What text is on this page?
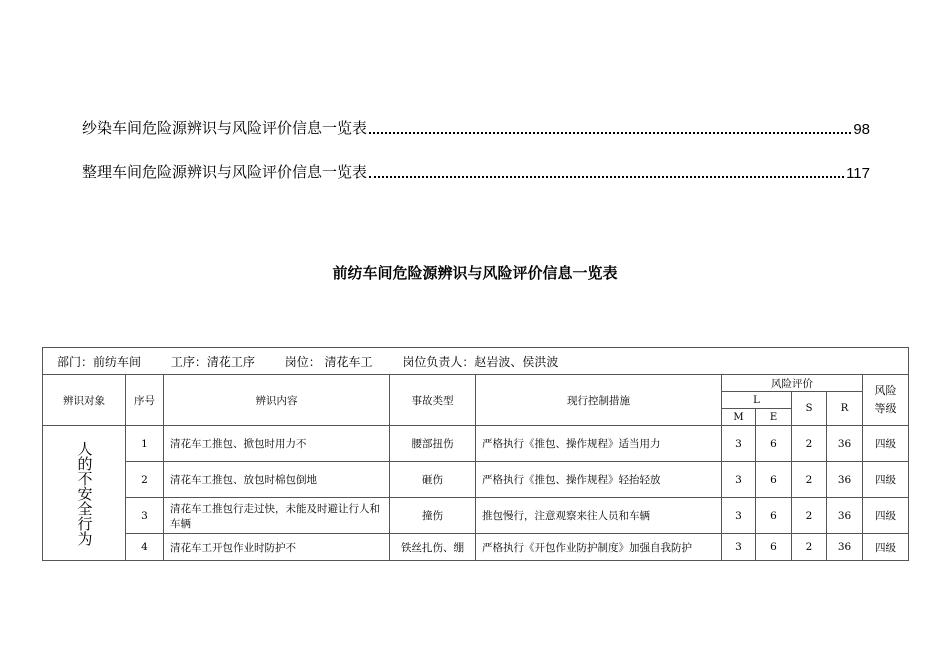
纱染车间危险源辨识与风险评价信息一览表	98
整理车间危险源辨识与风险评价信息一览表	117
前纺车间危险源辨识与风险评价信息一览表
部门：前纺车间 工序：清花工序 岗位： 清花车工 岗位负责人：赵岩波、侯洪波									
辨识对象	序号	辨识内容	事故类型	现行控制措施	风险评价				风险等级
					L		S	R	
					M	E			

人的不安全行为	1	清花车工推包、掀包时用力不	腰部扭伤	严格执行《推包、操作规程》适当用力	3	6	2	36	四级
	2	清花车工推包、放包时棉包倒地	砸伤	严格执行《推包、操作规程》轻抬轻放	3	6	2	36	四级
	3	清花车工推包行走过快，未能及时避让行人和车辆	撞伤	推包慢行，注意观察来往人员和车辆	3	6	2	36	四级
	4	清花车工开包作业时防护不	铁丝扎伤、绷	严格执行《开包作业防护制度》加强自我防护	3	6	2	36	四级
